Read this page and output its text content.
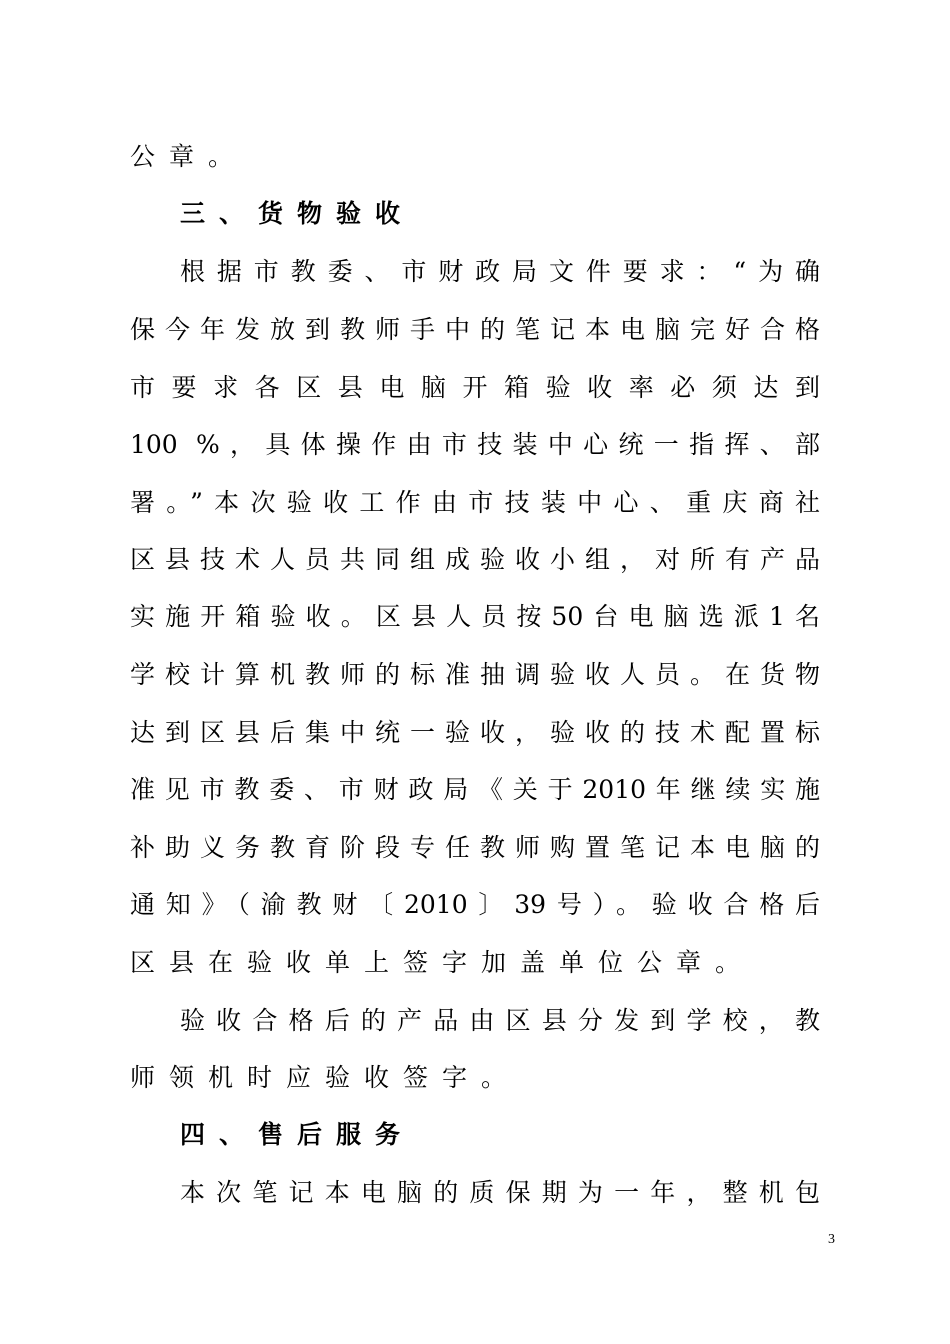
公章。
三、货物验收
根据市教委、市财政局文件要求：“为确
保今年发放到教师手中的笔记本电脑完好合格
市要求各区县电脑开箱验收率必须达到
100 %，具体操作由市技装中心统一指挥、部
署。”本次验收工作由市技装中心、重庆商社
区县技术人员共同组成验收小组，对所有产品
实施开箱验收。区县人员按50台电脑选派1名
学校计算机教师的标准抽调验收人员。在货物
达到区县后集中统一验收，验收的技术配置标
准见市教委、市财政局《关于2010年继续实施
补助义务教育阶段专任教师购置笔记本电脑的
通知》（渝教财〔2010〕39号）。验收合格后
区县在验收单上签字加盖单位公章。
验收合格后的产品由区县分发到学校，教
师领机时应验收签字。
四、售后服务
本次笔记本电脑的质保期为一年，整机包
3
